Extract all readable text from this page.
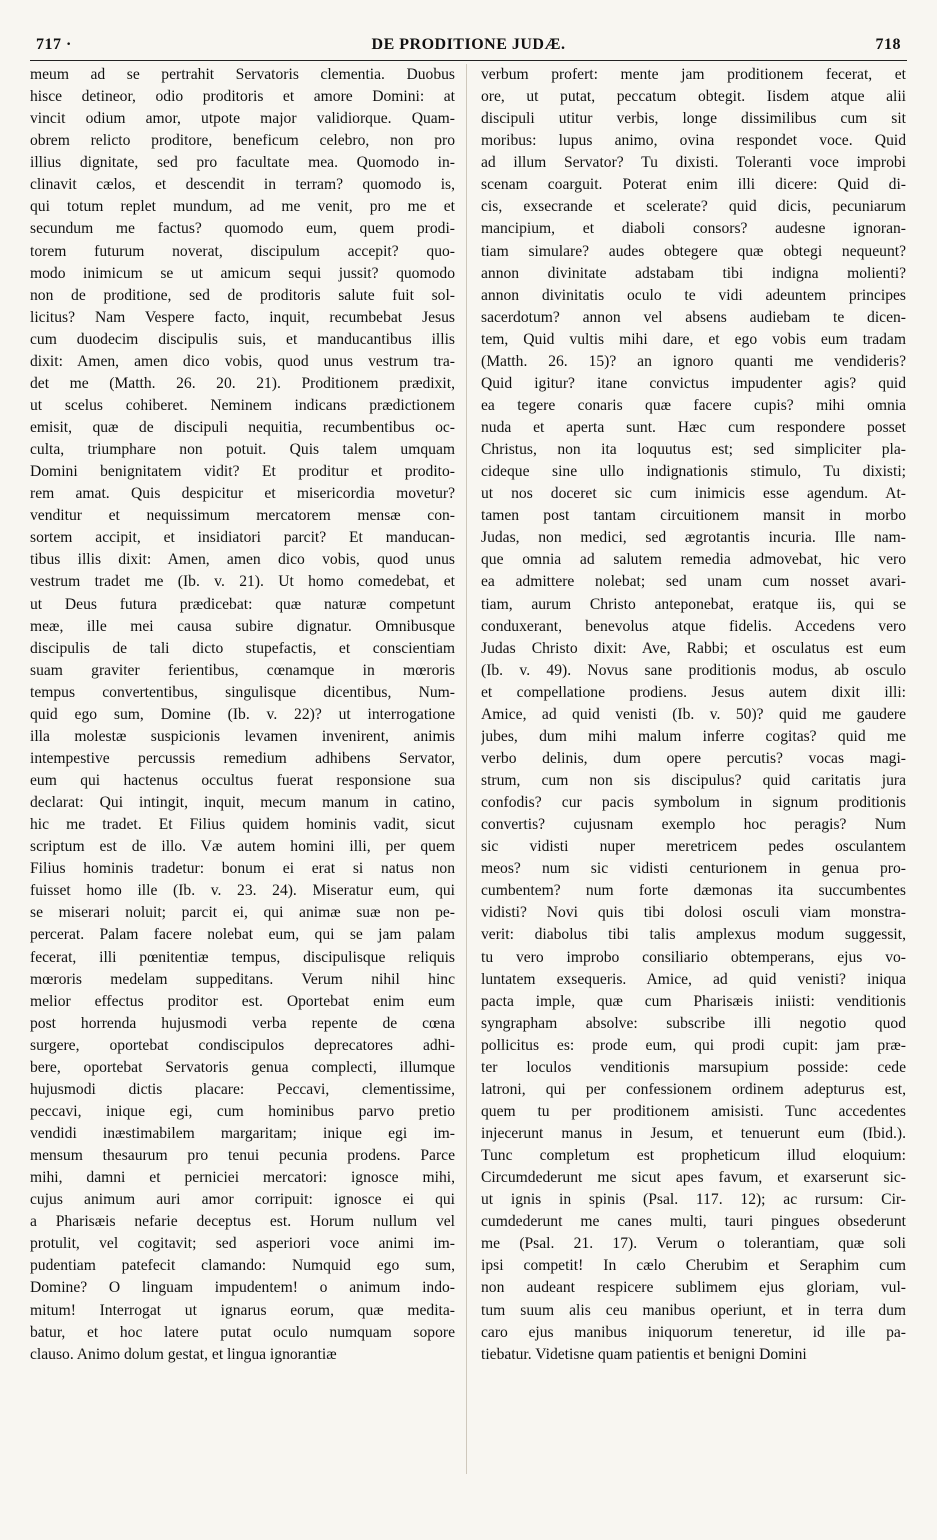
717 ·	DE PRODITIONE JUDÆ.	718
meum ad se pertrahit Servatoris clementia. Duobus
hisce detineor, odio proditoris et amore Domini: at
vincit odium amor, utpote major validiorque. Quam-
obrem relicto proditore, beneficum celebro, non pro
illius dignitate, sed pro facultate mea. Quomodo in-
clinavit cælos, et descendit in terram? quomodo is,
qui totum replet mundum, ad me venit, pro me et
secundum me factus? quomodo eum, quem prodi-
torem futurum noverat, discipulum accepit? quo-
modo inimicum se ut amicum sequi jussit? quomodo
non de proditione, sed de proditoris salute fuit sol-
licitus? Nam Vespere facto, inquit, recumbebat Jesus
cum duodecim discipulis suis, et manducantibus illis
dixit: Amen, amen dico vobis, quod unus vestrum tra-
det me (Matth. 26. 20. 21). Proditionem prædixit,
ut scelus cohiberet. Neminem indicans prædictionem
emisit, quæ de discipuli nequitia, recumbentibus oc-
culta, triumphare non potuit. Quis talem umquam
Domini benignitatem vidit? Et proditur et prodito-
rem amat. Quis despicitur et misericordia movetur?
venditur et nequissimum mercatorem mensæ con-
sortem accipit, et insidiatori parcit? Et manducan-
tibus illis dixit: Amen, amen dico vobis, quod unus
vestrum tradet me (Ib. v. 21). Ut homo comedebat, et
ut Deus futura prædicebat: quæ naturæ competunt
meæ, ille mei causa subire dignatur. Omnibusque
discipulis de tali dicto stupefactis, et conscientiam
suam graviter ferientibus, cœnamque in mœroris
tempus convertentibus, singulisque dicentibus, Num-
quid ego sum, Domine (Ib. v. 22)? ut interrogatione
illa molestæ suspicionis levamen invenirent, animis
intempestive percussis remedium adhibens Servator,
eum qui hactenus occultus fuerat responsione sua
declarat: Qui intingit, inquit, mecum manum in catino,
hic me tradet. Et Filius quidem hominis vadit, sicut
scriptum est de illo. Væ autem homini illi, per quem
Filius hominis tradetur: bonum ei erat si natus non
fuisset homo ille (Ib. v. 23. 24). Miseratur eum, qui
se miserari noluit; parcit ei, qui animæ suæ non pe-
percerat. Palam facere nolebat eum, qui se jam palam
fecerat, illi pœnitentiæ tempus, discipulisque reliquis
mœroris medelam suppeditans. Verum nihil hinc
melior effectus proditor est. Oportebat enim eum
post horrenda hujusmodi verba repente de cœna
surgere, oportebat condiscipulos deprecatores adhi-
bere, oportebat Servatoris genua complecti, illumque
hujusmodi dictis placare: Peccavi, clementissime,
peccavi, inique egi, cum hominibus parvo pretio
vendidi inæstimabilem margaritam; inique egi im-
mensum thesaurum pro tenui pecunia prodens. Parce
mihi, damni et perniciei mercatori: ignosce mihi,
cujus animum auri amor corripuit: ignosce ei qui
a Pharisæis nefarie deceptus est. Horum nullum vel
protulit, vel cogitavit; sed asperiori voce animi im-
pudentiam patefecit clamando: Numquid ego sum,
Domine? O linguam impudentem! o animum indo-
mitum! Interrogat ut ignarus eorum, quæ medita-
batur, et hoc latere putat oculo numquam sopore
clauso. Animo dolum gestat, et lingua ignorantiæ
verbum profert: mente jam proditionem fecerat, et
ore, ut putat, peccatum obtegit. Iisdem atque alii
discipuli utitur verbis, longe dissimilibus cum sit
moribus: lupus animo, ovina respondet voce. Quid
ad illum Servator? Tu dixisti. Toleranti voce improbi
scenam coarguit. Poterat enim illi dicere: Quid di-
cis, exsecrande et scelerate? quid dicis, pecuniarum
mancipium, et diaboli consors? audesne ignoran-
tiam simulare? audes obtegere quæ obtegi nequeunt?
annon divinitate adstabam tibi indigna molienti?
annon divinitatis oculo te vidi adeuntem principes
sacerdotum? annon vel absens audiebam te dicen-
tem, Quid vultis mihi dare, et ego vobis eum tradam
(Matth. 26. 15)? an ignoro quanti me vendideris?
Quid igitur? itane convictus impudenter agis? quid
ea tegere conaris quæ facere cupis? mihi omnia
nuda et aperta sunt. Hæc cum respondere posset
Christus, non ita loquutus est; sed simpliciter pla-
cideque sine ullo indignationis stimulo, Tu dixisti;
ut nos doceret sic cum inimicis esse agendum. At-
tamen post tantam circuitionem mansit in morbo
Judas, non medici, sed ægrotantis incuria. Ille nam-
que omnia ad salutem remedia admovebat, hic vero
ea admittere nolebat; sed unam cum nosset avari-
tiam, aurum Christo anteponebat, eratque iis, qui se
conduxerant, benevolus atque fidelis. Accedens vero
Judas Christo dixit: Ave, Rabbi; et osculatus est eum
(Ib. v. 49). Novus sane proditionis modus, ab osculo
et compellatione prodiens. Jesus autem dixit illi:
Amice, ad quid venisti (Ib. v. 50)? quid me gaudere
jubes, dum mihi malum inferre cogitas? quid me
verbo delinis, dum opere percutis? vocas magi-
strum, cum non sis discipulus? quid caritatis jura
confodis? cur pacis symbolum in signum proditionis
convertis? cujusnam exemplo hoc peragis? Num
sic vidisti nuper meretricem pedes osculantem
meos? num sic vidisti centurionem in genua pro-
cumbentem? num forte dæmonas ita succumbentes
vidisti? Novi quis tibi dolosi osculi viam monstra-
verit: diabolus tibi talis amplexus modum suggessit,
tu vero improbo consiliario obtemperans, ejus vo-
luntatem exsequeris. Amice, ad quid venisti? iniqua
pacta imple, quæ cum Pharisæis iniisti: venditionis
syngrapham absolve: subscribe illi negotio quod
pollicitus es: prode eum, qui prodi cupit: jam præ-
ter loculos venditionis marsupium posside: cede
latroni, qui per confessionem ordinem adepturus est,
quem tu per proditionem amisisti. Tunc accedentes
injecerunt manus in Jesum, et tenuerunt eum (Ibid.).
Tunc completum est propheticum illud eloquium:
Circumdederunt me sicut apes favum, et exarserunt sic-
ut ignis in spinis (Psal. 117. 12); ac rursum: Cir-
cumdederunt me canes multi, tauri pingues obsederunt
me (Psal. 21. 17). Verum o tolerantiam, quæ soli
ipsi competit! In cælo Cherubim et Seraphim cum
non audeant respicere sublimem ejus gloriam, vul-
tum suum alis ceu manibus operiunt, et in terra dum
caro ejus manibus iniquorum teneretur, id ille pa-
tiebatur. Videtisne quam patientis et benigni Domini
